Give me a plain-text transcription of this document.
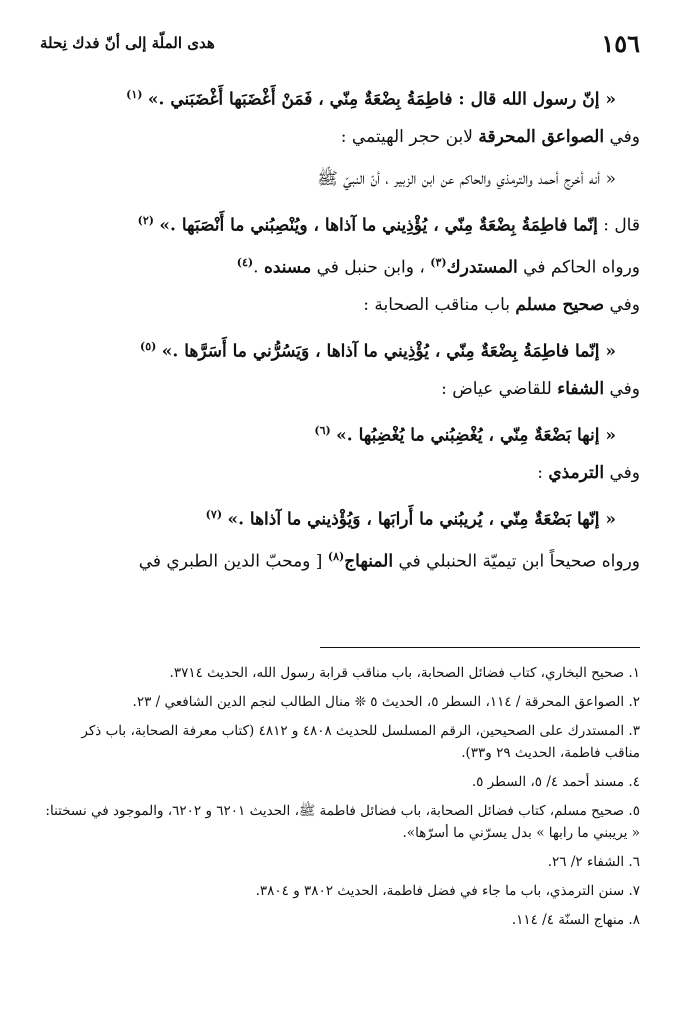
١٥٦
هدى الملّة إلى أنّ فدك نِحلة

« إنّ رسول الله قال : فاطِمَةُ بِضْعَةٌ مِنّي ، فَمَنْ أَغْضَبَها أَغْضَبَني .» $^{(١)}$

وفي الصواعق المحرقة لابن حجر الهيتمي :

« أنه أخرج أحمد والترمذي والحاكم عن ابن الزبير ، أنّ النبيّ ﷺ

قال : إنّما فاطِمَةُ بِضْعَةٌ مِنّي ، يُؤْذِيني ما آذاها ، ويُنْصِبُني ما أَنْصَبَها .» $^{(٢)}$

ورواه الحاكم في المستدرك$^{(٣)}$ ، وابن حنبل في مسنده .$^{(٤)}$

وفي صحيح مسلم باب مناقب الصحابة :

« إنّما فاطِمَةُ بِضْعَةٌ مِنّي ، يُؤْذِيني ما آذاها ، وَيَسُرُّني ما أَسَرَّها .» $^{(٥)}$

وفي الشفاء للقاضي عياض :

« إنها بَضْعَةٌ مِنّي ، يُغْضِبُني ما يُغْضِبُها .» $^{(٦)}$

وفي الترمذي :

« إنّها بَضْعَةٌ مِنّي ، يُريبُني ما أَرابَها ، وَيُؤْذيني ما آذاها .» $^{(٧)}$

ورواه صحيحاً ابن تيميّة الحنبلي في المنهاج$^{(٨)}$ [ ومحبّ الدين الطبري في

١. صحيح البخاري، كتاب فضائل الصحابة، باب مناقب قرابة رسول الله، الحديث ٣٧١٤.

٢. الصواعق المحرقة / ١١٤، السطر ٥، الحديث ٥ ❊ منال الطالب لنجم الدين الشافعي / ٢٣.

٣. المستدرك على الصحيحين، الرقم المسلسل للحديث ٤٨٠٨ و ٤٨١٢ (كتاب معرفة الصحابة، باب ذكر مناقب فاطمة، الحديث ٢٩ و٣٣).

٤. مسند أحمد ٤/ ٥، السطر ٥.

٥. صحيح مسلم، كتاب فضائل الصحابة، باب فضائل فاطمة ﷺ، الحديث ٦٢٠١ و ٦٢٠٢، والموجود في نسختنا: « يريبني ما رابها » بدل يسرّني ما أسرّها».

٦. الشفاء ٢/ ٢٦.

٧. سنن الترمذي، باب ما جاء في فضل فاطمة، الحديث ٣٨٠٢ و ٣٨٠٤.

٨. منهاج السنّة ٤/ ١١٤.
